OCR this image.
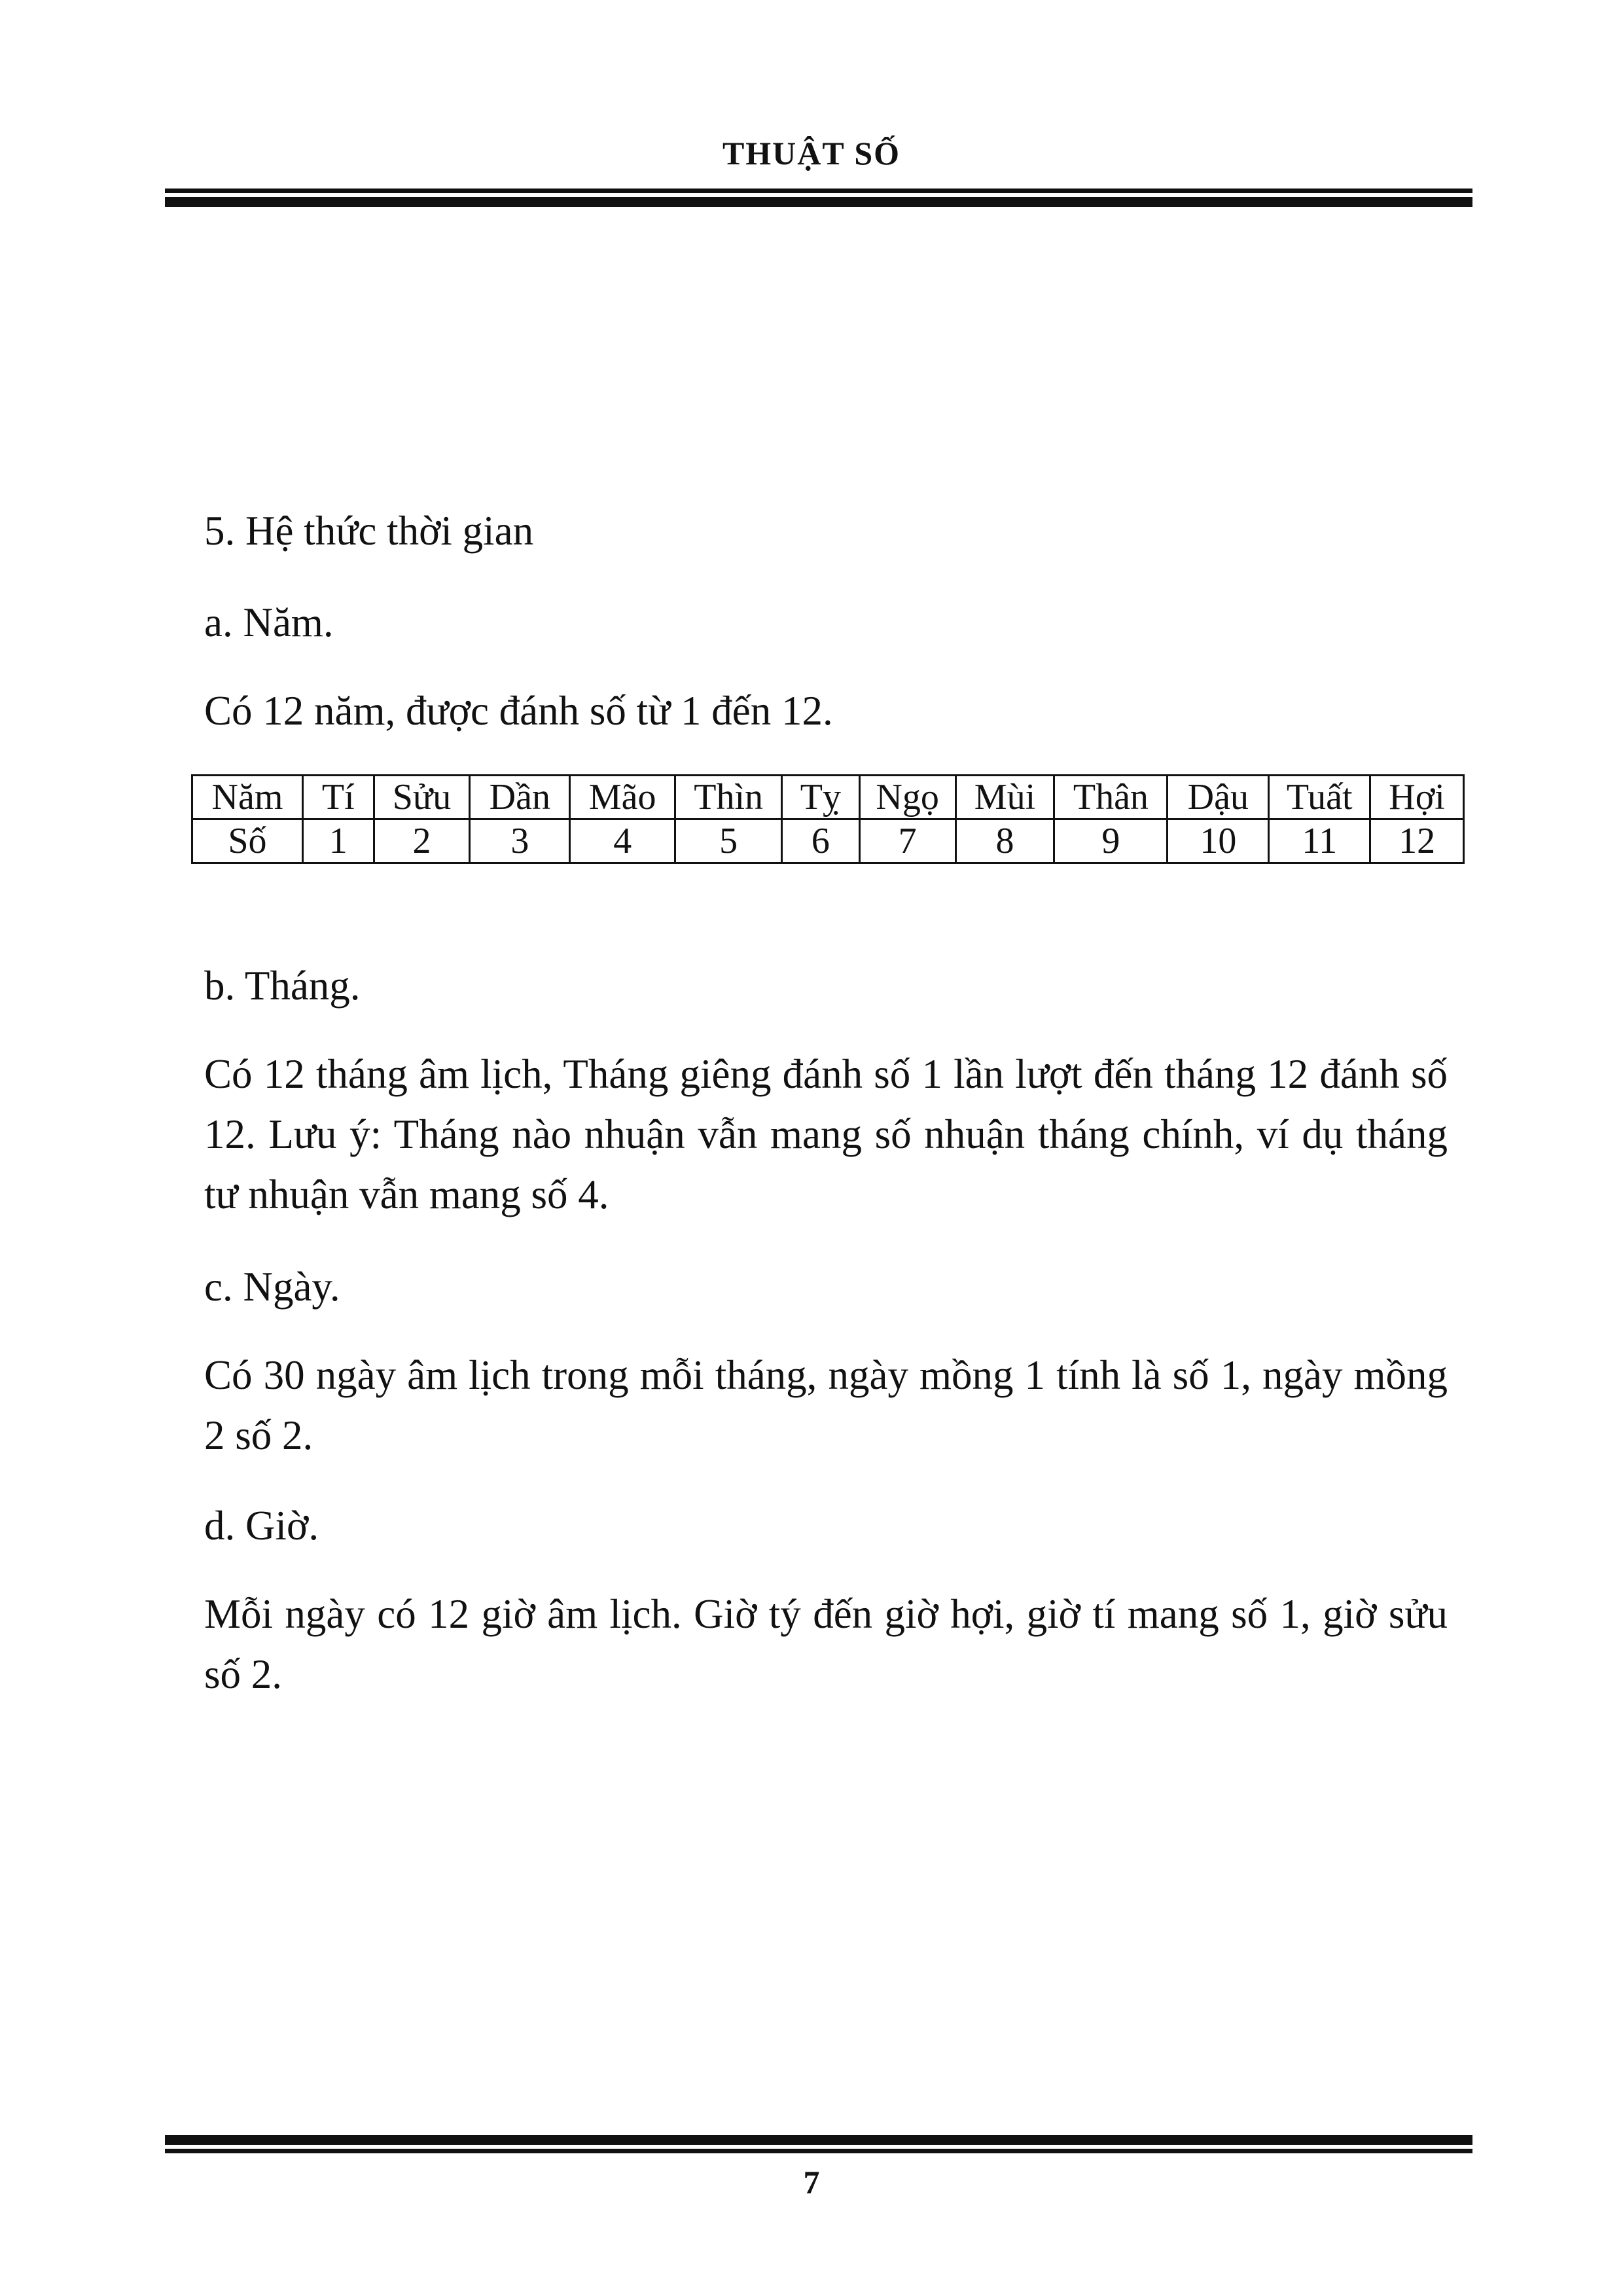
THUẬT SỐ

5. Hệ thức thời gian

a. Năm.

Có 12 năm, được đánh số từ 1 đến 12.

Năm	Tí	Sửu	Dần	Mão	Thìn	Tỵ	Ngọ	Mùi	Thân	Dậu	Tuất	Hợi
Số	1	2	3	4	5	6	7	8	9	10	11	12

b. Tháng.

Có 12 tháng âm lịch, Tháng giêng đánh số 1 lần lượt đến tháng 12 đánh số 12. Lưu ý: Tháng nào nhuận vẫn mang số nhuận tháng chính, ví dụ tháng tư nhuận vẫn mang số 4.

c. Ngày.

Có 30 ngày âm lịch trong mỗi tháng, ngày mồng 1 tính là số 1, ngày mồng 2 số 2.

d. Giờ.

Mỗi ngày có 12 giờ âm lịch. Giờ tý đến giờ hợi, giờ tí mang số 1, giờ sửu số 2.

7
